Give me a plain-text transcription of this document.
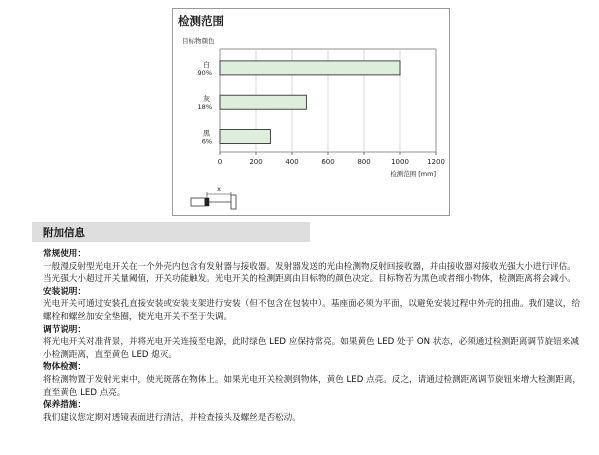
检测范围
0	200	400	600	800	1000	1200
目标物颜色
检测范围 [mm]
白
90%
灰
18%
黑
6%
x
附加信息
常规使用：

一般漫反射型光电开关在一个外壳内包含有发射器与接收器。发射器发送的光由检测物反射回接收器，并由接收器对接收光强大小进行评估。当光强大小超过开关量阈值，开关功能触发。光电开关的检测距离由目标物的颜色决定。目标物若为黑色或者细小物体，检测距离将会减小。

安装说明：

光电开关可通过安装孔直接安装或安装支架进行安装（但不包含在包装中）。基座面必须为平面，以避免安装过程中外壳的扭曲。我们建议，给螺栓和螺丝加安全垫圈，使光电开关不至于失调。

调节说明：

将光电开关对准背景，并将光电开关连接至电源，此时绿色 LED 应保持常亮。如果黄色 LED 处于 ON 状态，必须通过检测距离调节旋钮来减小检测距离，直至黄色 LED 熄灭。

物体检测：

将检测物置于发射光束中，使光斑落在物体上。如果光电开关检测到物体，黄色 LED 点亮。反之，请通过检测距离调节旋钮来增大检测距离，直至黄色 LED 点亮。

保养措施：

我们建议您定期对透镜表面进行清洁，并检查接头及螺丝是否松动。
